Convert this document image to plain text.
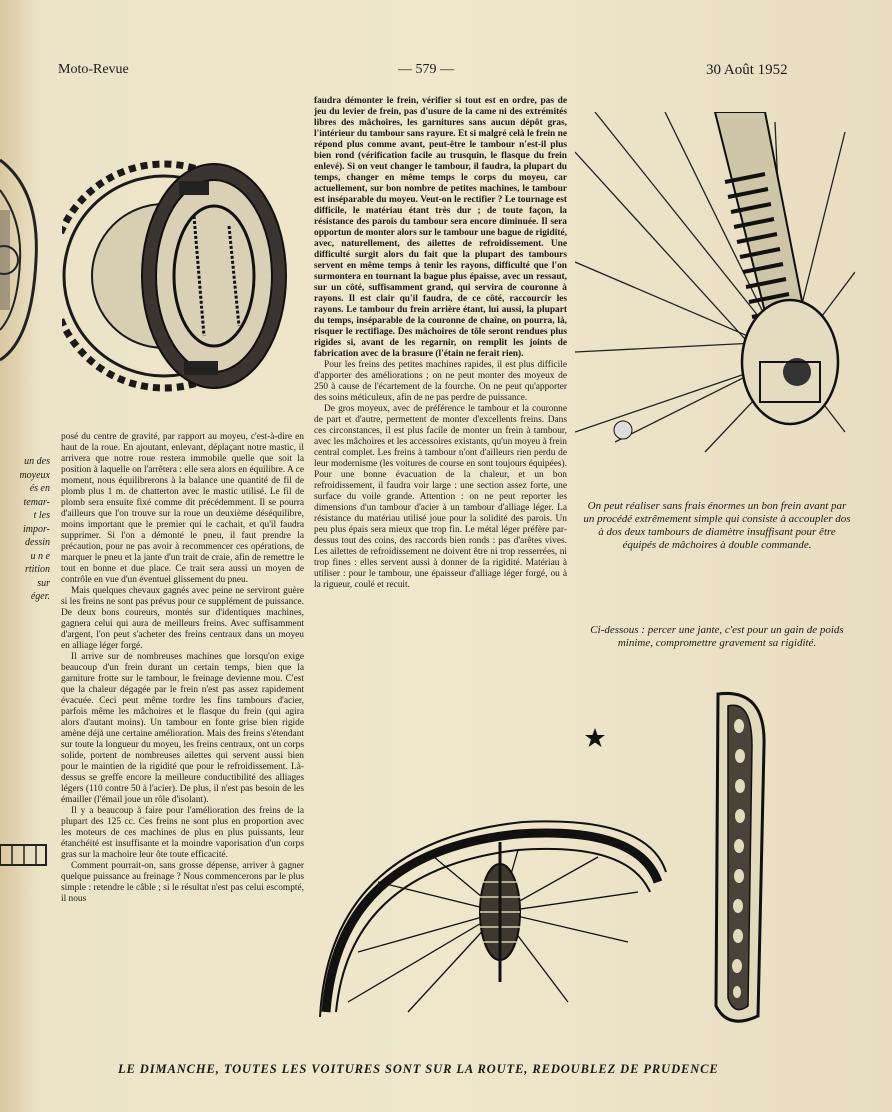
Moto-Revue	— 579 —	30 Août 1952
On peut réaliser sans frais énormes un bon frein avant par un procédé extrêmement simple qui consiste à accoupler dos à dos deux tambours de diamètre insuffisant pour être équipés de mâchoires à double commande.
Ci-dessous : percer une jante, c'est pour un gain de poids minime, compromettre gravement sa rigidité.
un des
moyeux
és en
temar-
t les
impor-
dessin
u n e
rtition
sur
éger.

posé du centre de gravité, par rapport au moyeu, c'est-à-dire en haut de la roue. En ajoutant, enlevant, déplaçant notre mastic, il arrivera que notre roue restera immobile quelle que soit la position à laquelle on l'arrêtera : elle sera alors en équilibre. A ce moment, nous équilibrerons à la balance une quantité de fil de plomb plus 1 m. de chatterton avec le mastic utilisé. Le fil de plomb sera ensuite fixé comme dit précédemment. Il se pourra d'ailleurs que l'on trouve sur la roue un deuxième déséquilibre, moins important que le premier qui le cachait, et qu'il faudra supprimer. Si l'on a démonté le pneu, il faut prendre la précaution, pour ne pas avoir à recommencer ces opérations, de marquer le pneu et la jante d'un trait de craie, afin de remettre le tout en bonne et due place. Ce trait sera aussi un moyen de contrôle en vue d'un éventuel glissement du pneu.

Mais quelques chevaux gagnés avec peine ne serviront guère si les freins ne sont pas prévus pour ce supplément de puissance. De deux bons coureurs, montés sur d'identiques machines, gagnera celui qui aura de meilleurs freins. Avec suffisamment d'argent, l'on peut s'acheter des freins centraux dans un moyeu en alliage léger forgé.

Il arrive sur de nombreuses machines que lorsqu'on exige beaucoup d'un frein durant un certain temps, bien que la garniture frotte sur le tambour, le freinage devienne mou. C'est que la chaleur dégagée par le frein n'est pas assez rapidement évacuée. Ceci peut même tordre les fins tambours d'acier, parfois même les mâchoires et le flasque du frein (qui agira alors d'autant moins). Un tambour en fonte grise bien rigide amène déjà une certaine amélioration. Mais des freins s'étendant sur toute la longueur du moyeu, les freins centraux, ont un corps solide, portent de nombreuses ailettes qui servent aussi bien pour le maintien de la rigidité que pour le refroidissement. Là-dessus se greffe encore la meilleure conductibilité des alliages légers (110 contre 50 à l'acier). De plus, il n'est pas besoin de les émailler (l'émail joue un rôle d'isolant).

Il y a beaucoup à faire pour l'amélioration des freins de la plupart des 125 cc. Ces freins ne sont plus en proportion avec les moteurs de ces machines de plus en plus puissants, leur étanchéité est insuffisante et la moindre vaporisation d'un corps gras sur la machoire leur ôte toute efficacité.

Comment pourrait-on, sans grosse dépense, arriver à gagner quelque puissance au freinage ? Nous commencerons par le plus simple : retendre le câble ; si le résultat n'est pas celui escompté, il nous

faudra démonter le frein, vérifier si tout est en ordre, pas de jeu du levier de frein, pas d'usure de la came ni des extrémités libres des mâchoires, les garnitures sans aucun dépôt gras, l'intérieur du tambour sans rayure. Et si malgré celà le frein ne répond plus comme avant, peut-être le tambour n'est-il plus bien rond (vérification facile au trusquin, le flasque du frein enlevé). Si on veut changer le tambour, il faudra, la plupart du temps, changer en même temps le corps du moyeu, car actuellement, sur bon nombre de petites machines, le tambour est inséparable du moyeu. Veut-on le rectifier ? Le tournage est difficile, le matériau étant très dur ; de toute façon, la résistance des parois du tambour sera encore diminuée. Il sera opportun de monter alors sur le tambour une bague de rigidité, avec, naturellement, des ailettes de refroidissement. Une difficulté surgit alors du fait que la plupart des tambours servent en même temps à tenir les rayons, difficulté que l'on surmontera en tournant la bague plus épaisse, avec un ressaut, sur un côté, suffisamment grand, qui servira de couronne à rayons. Il est clair qu'il faudra, de ce côté, raccourcir les rayons. Le tambour du frein arrière étant, lui aussi, la plupart du temps, inséparable de la couronne de chaîne, on pourra, là, risquer le rectifiage. Des mâchoires de tôle seront rendues plus rigides si, avant de les regarnir, on remplit les joints de fabrication avec de la brasure (l'étain ne ferait rien).

Pour les freins des petites machines rapides, il est plus difficile d'apporter des améliorations ; on ne peut monter des moyeux de 250 à cause de l'écartement de la fourche. On ne peut qu'apporter des soins méticuleux, afin de ne pas perdre de puissance.

De gros moyeux, avec de préférence le tambour et la couronne de part et d'autre, permettent de monter d'excellents freins. Dans ces circonstances, il est plus facile de monter un frein à tambour, avec les mâchoires et les accessoires existants, qu'un moyeu à frein central complet. Les freins à tambour n'ont d'ailleurs rien perdu de leur modernisme (les voitures de course en sont toujours équipées). Pour une bonne évacuation de la chaleur, et un bon refroidissement, il faudra voir large : une section assez forte, une surface du voile grande. Attention : on ne peut reporter les dimensions d'un tambour d'acier à un tambour d'alliage léger. La résistance du matériau utilisé joue pour la solidité des parois. Un peu plus épais sera mieux que trop fin. Le métal léger préfère par-dessus tout des coins, des raccords bien ronds : pas d'arêtes vives. Les ailettes de refroidissement ne doivent être ni trop resserrées, ni trop fines : elles servent aussi à donner de la rigidité. Matériau à utiliser : pour le tambour, une épaisseur d'alliage léger forgé, ou à la rigueur, coulé et recuit.

LE DIMANCHE, TOUTES LES VOITURES SONT SUR LA ROUTE, REDOUBLEZ DE PRUDENCE
